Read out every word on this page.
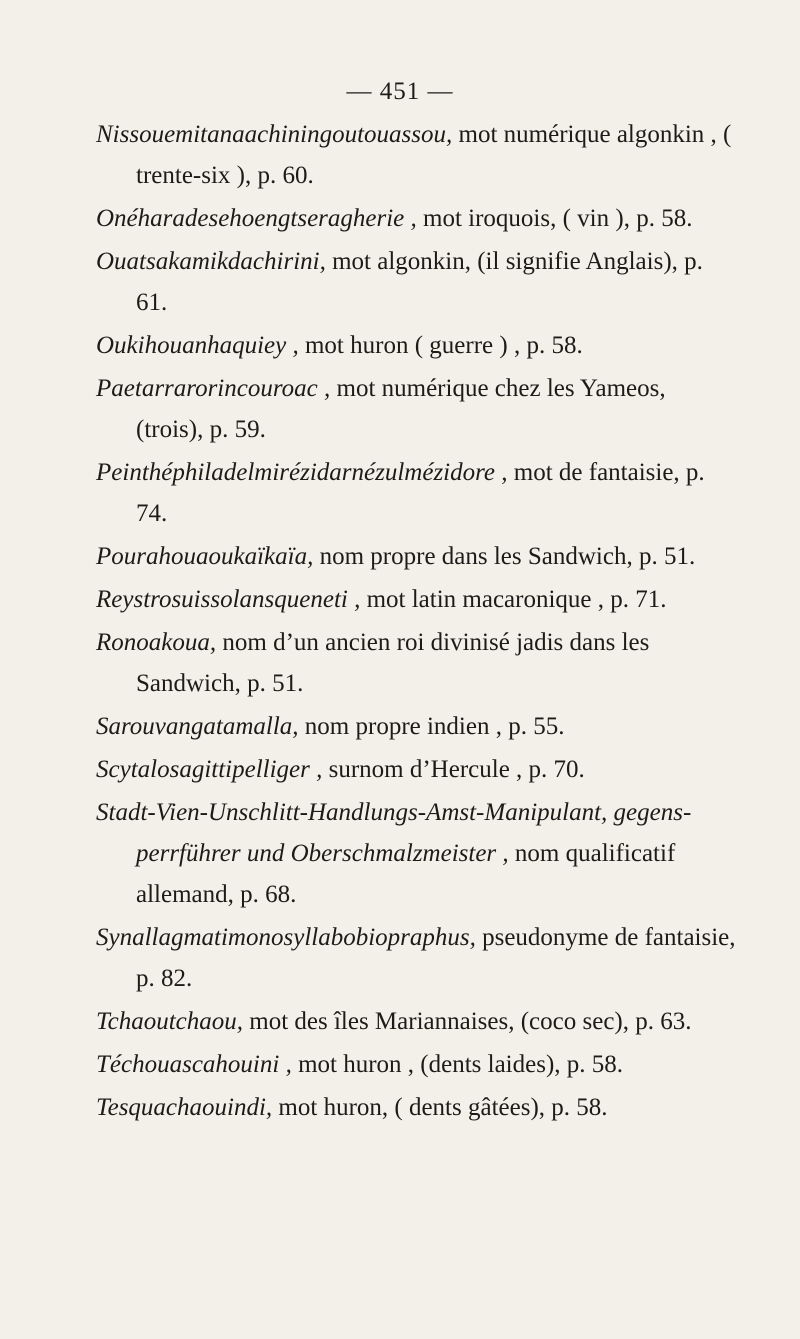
— 451 —

Nissouemitanaachiningoutouassou, mot numérique algonkin , ( trente-six ), p. 60.

Onéharadesehoengtseragherie , mot iroquois, ( vin ), p. 58.

Ouatsakamikdachirini, mot algonkin, (il signifie Anglais), p. 61.

Oukihouanhaquiey , mot huron ( guerre ) , p. 58.

Paetarrarorincouroac , mot numérique chez les Yameos, (trois), p. 59.

Peinthéphiladelmirézidarnézulmézidore , mot de fantaisie, p. 74.

Pourahouaoukaïkaïa, nom propre dans les Sandwich, p. 51.

Reystrosuissolansqueneti , mot latin macaronique , p. 71.

Ronoakoua, nom d’un ancien roi divinisé jadis dans les Sandwich, p. 51.

Sarouvangatamalla, nom propre indien , p. 55.

Scytalosagittipelliger , surnom d’Hercule , p. 70.

Stadt-Vien-Unschlitt-Handlungs-Amst-Manipulant, gegens-perrführer und Oberschmalzmeister , nom qualificatif allemand, p. 68.

Synallagmatimonosyllabobiopraphus, pseudonyme de fantaisie, p. 82.

Tchaoutchaou, mot des îles Mariannaises, (coco sec), p. 63.

Téchouascahouini , mot huron , (dents laides), p. 58.

Tesquachaouindi, mot huron, ( dents gâtées), p. 58.
